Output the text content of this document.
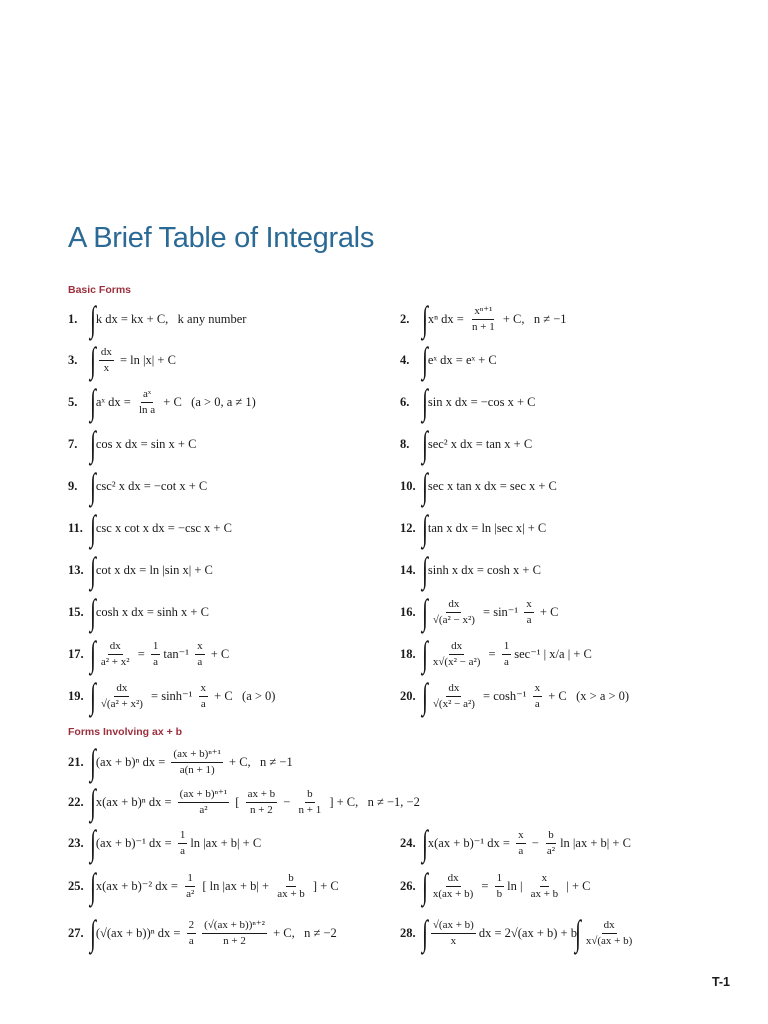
A Brief Table of Integrals
Basic Forms
Forms Involving ax + b
1. ∫ k dx = kx + C,   k any number	2. ∫ xⁿ dx = $\frac{\text{xⁿ⁺¹}}{n + 1} + C$,   n ≠ −1
3. ∫ $\frac{dx}{x} = \ln |x| + C$	4. ∫ eˣ dx = eˣ + C
5. ∫ aˣ dx = $\frac{\text{aˣ}}{\text{ln a}} + C$   (a > 0, a ≠ 1)	6. ∫ sin x dx = −cos x + C
7. ∫ cos x dx = sin x + C	8. ∫ sec² x dx = tan x + C
9. ∫ csc² x dx = −cot x + C	10. ∫ sec x tan x dx = sec x + C
11. ∫ csc x cot x dx = −csc x + C	12. ∫ tan x dx = ln |sec x| + C
13. ∫ cot x dx = ln |sin x| + C	14. ∫ sinh x dx = cosh x + C
15. ∫ cosh x dx = sinh x + C	16. ∫ $\frac{dx}{\text{√(a² − x²)}} = \sin^{-1} \frac{x}{a} + C$
17. ∫ $\frac{dx}{\text{a² + x²}} = \frac{1}{a} \tan^{-1} \frac{x}{a} + C$	18. ∫ $\frac{dx}{\text{x√(x² − a²)}} = \frac{1}{a} \sec^{-1}$ | x/a | + C
19. ∫ $\frac{dx}{\text{√(a² + x²)}} = \sinh^{-1} \frac{x}{a} + C$   (a > 0)	20. ∫ $\frac{dx}{\text{√(x² − a²)}} = \cosh^{-1} \frac{x}{a} + C$   (x > a > 0)
21. ∫ (ax + b)ⁿ dx = $\frac{\text{(ax + b)ⁿ⁺¹}}{a(n + 1)} + C$,   n ≠ −1
22. ∫ x(ax + b)ⁿ dx = $\frac{\text{(ax + b)ⁿ⁺¹}}{\text{a²}}$ [ $\frac{ax + b}{n + 2} - \frac{b}{n + 1}$ ] + C,   n ≠ −1, −2
23. ∫ (ax + b)⁻¹ dx = $\frac{1}{a}$ ln |ax + b| + C	24. ∫ x(ax + b)⁻¹ dx = $\frac{x}{a} - \frac{b}{\text{a²}}$ ln |ax + b| + C
25. ∫ x(ax + b)⁻² dx = $\frac{1}{\text{a²}}$ [ $\ln |ax + b| + \frac{b}{ax + b}$ ] + C	26. ∫ $\frac{dx}{x(ax + b)} = \frac{1}{b}$ ln | $\frac{x}{ax + b}$ | + C
27. ∫ (√(ax + b))ⁿ dx = $\frac{2}{a} \frac{\text{(√(ax + b))ⁿ⁺²}}{n + 2} + C$,   n ≠ −2	28. ∫ $\frac{√(ax + b)}{x}$ dx = 2√(ax + b) + b
∫ $\frac{dx}{x√(ax + b)}$
T-1
